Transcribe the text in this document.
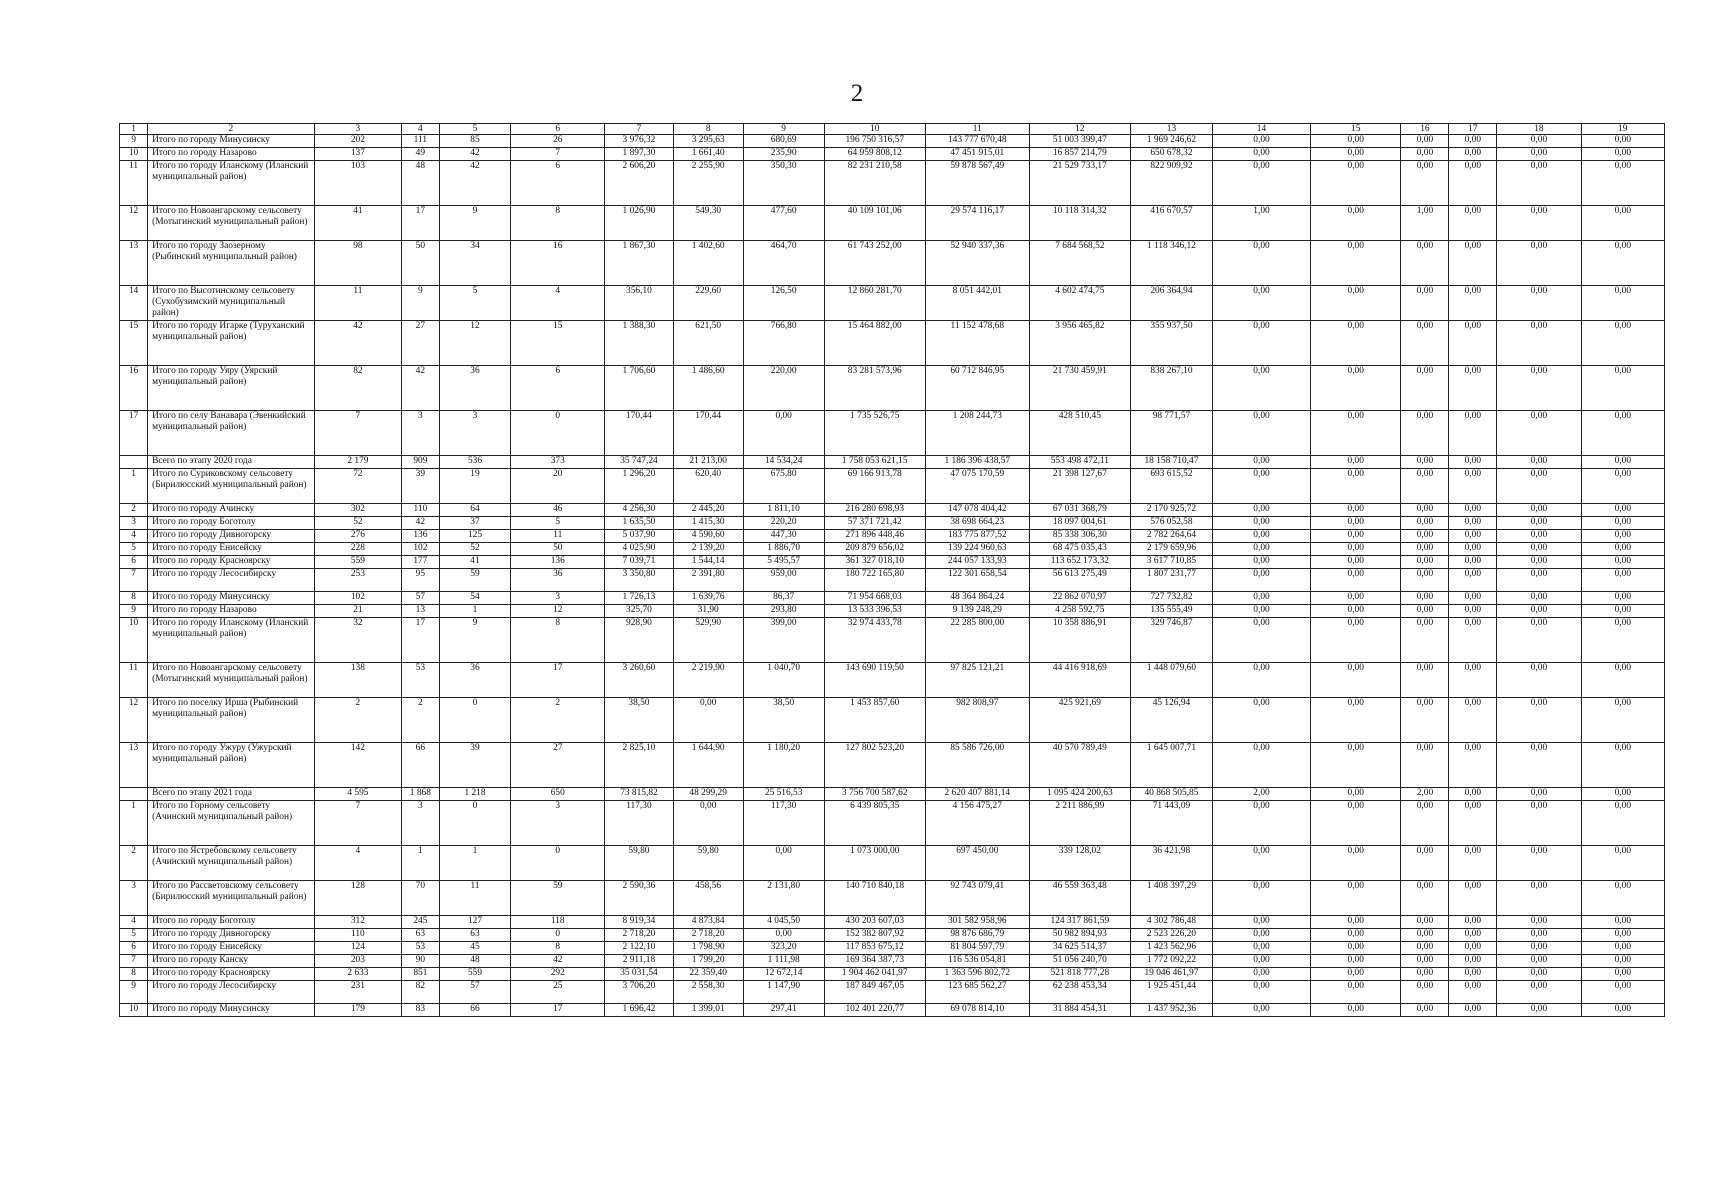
2
1	2	3	4	5	6	7	8	9	10	11	12	13	14	15	16	17	18	19
9	Итого по городу Минусинску	202	111	85	26	3 976,32	3 295,63	680,69	196 750 316,57	143 777 670,48	51 003 399,47	1 969 246,62	0,00	0,00	0,00	0,00	0,00	0,00
10	Итого по городу Назарово	137	49	42	7	1 897,30	1 661,40	235,90	64 959 808,12	47 451 915,01	16 857 214,79	650 678,32	0,00	0,00	0,00	0,00	0,00	0,00
11	Итого по городу Иланскому (Иланский муниципальный район)	103	48	42	6	2 606,20	2 255,90	350,30	82 231 210,58	59 878 567,49	21 529 733,17	822 909,92	0,00	0,00	0,00	0,00	0,00	0,00
12	Итого по Новоангарскому сельсовету (Мотыгинский муниципальный район)	41	17	9	8	1 026,90	549,30	477,60	40 109 101,06	29 574 116,17	10 118 314,32	416 670,57	1,00	0,00	1,00	0,00	0,00	0,00
13	Итого по городу Заозерному (Рыбинский муниципальный район)	98	50	34	16	1 867,30	1 402,60	464,70	61 743 252,00	52 940 337,36	7 684 568,52	1 118 346,12	0,00	0,00	0,00	0,00	0,00	0,00
14	Итого по Высотинскому сельсовету (Сухобузимский муниципальный район)	11	9	5	4	356,10	229,60	126,50	12 860 281,70	8 051 442,01	4 602 474,75	206 364,94	0,00	0,00	0,00	0,00	0,00	0,00
15	Итого по городу Игарке (Туруханский муниципальный район)	42	27	12	15	1 388,30	621,50	766,80	15 464 882,00	11 152 478,68	3 956 465,82	355 937,50	0,00	0,00	0,00	0,00	0,00	0,00
16	Итого по городу Уяру (Уярский муниципальный район)	82	42	36	6	1 706,60	1 486,60	220,00	83 281 573,96	60 712 846,95	21 730 459,91	838 267,10	0,00	0,00	0,00	0,00	0,00	0,00
17	Итого по селу Ванавара (Эвенкийский муниципальный район)	7	3	3	0	170,44	170,44	0,00	1 735 526,75	1 208 244,73	428 510,45	98 771,57	0,00	0,00	0,00	0,00	0,00	0,00
	Всего по этапу 2020 года	2 179	909	536	373	35 747,24	21 213,00	14 534,24	1 758 053 621,15	1 186 396 438,57	553 498 472,11	18 158 710,47	0,00	0,00	0,00	0,00	0,00	0,00
1	Итого по Суриковскому сельсовету (Бирилюсский муниципальный район)	72	39	19	20	1 296,20	620,40	675,80	69 166 913,78	47 075 170,59	21 398 127,67	693 615,52	0,00	0,00	0,00	0,00	0,00	0,00
2	Итого по городу Ачинску	302	110	64	46	4 256,30	2 445,20	1 811,10	216 280 698,93	147 078 404,42	67 031 368,79	2 170 925,72	0,00	0,00	0,00	0,00	0,00	0,00
3	Итого по городу Боготолу	52	42	37	5	1 635,50	1 415,30	220,20	57 371 721,42	38 698 664,23	18 097 004,61	576 052,58	0,00	0,00	0,00	0,00	0,00	0,00
4	Итого по городу Дивногорску	276	136	125	11	5 037,90	4 590,60	447,30	271 896 448,46	183 775 877,52	85 338 306,30	2 782 264,64	0,00	0,00	0,00	0,00	0,00	0,00
5	Итого по городу Енисейску	228	102	52	50	4 025,90	2 139,20	1 886,70	209 879 656,02	139 224 960,63	68 475 035,43	2 179 659,96	0,00	0,00	0,00	0,00	0,00	0,00
6	Итого по городу Красноярску	559	177	41	136	7 039,71	1 544,14	5 495,57	361 327 018,10	244 057 133,93	113 652 173,32	3 617 710,85	0,00	0,00	0,00	0,00	0,00	0,00
7	Итого по городу Лесосибирску	253	95	59	36	3 350,80	2 391,80	959,00	180 722 165,80	122 301 658,54	56 613 275,49	1 807 231,77	0,00	0,00	0,00	0,00	0,00	0,00
8	Итого по городу Минусинску	102	57	54	3	1 726,13	1 639,76	86,37	71 954 668,03	48 364 864,24	22 862 070,97	727 732,82	0,00	0,00	0,00	0,00	0,00	0,00
9	Итого по городу Назарово	21	13	1	12	325,70	31,90	293,80	13 533 396,53	9 139 248,29	4 258 592,75	135 555,49	0,00	0,00	0,00	0,00	0,00	0,00
10	Итого по городу Иланскому (Иланский муниципальный район)	32	17	9	8	928,90	529,90	399,00	32 974 433,78	22 285 800,00	10 358 886,91	329 746,87	0,00	0,00	0,00	0,00	0,00	0,00
11	Итого по Новоангарскому сельсовету (Мотыгинский муниципальный район)	138	53	36	17	3 260,60	2 219,90	1 040,70	143 690 119,50	97 825 121,21	44 416 918,69	1 448 079,60	0,00	0,00	0,00	0,00	0,00	0,00
12	Итого по поселку Ирша (Рыбинский муниципальный район)	2	2	0	2	38,50	0,00	38,50	1 453 857,60	982 808,97	425 921,69	45 126,94	0,00	0,00	0,00	0,00	0,00	0,00
13	Итого по городу Ужуру (Ужурский муниципальный район)	142	66	39	27	2 825,10	1 644,90	1 180,20	127 802 523,20	85 586 726,00	40 570 789,49	1 645 007,71	0,00	0,00	0,00	0,00	0,00	0,00
	Всего по этапу 2021 года	4 595	1 868	1 218	650	73 815,82	48 299,29	25 516,53	3 756 700 587,62	2 620 407 881,14	1 095 424 200,63	40 868 505,85	2,00	0,00	2,00	0,00	0,00	0,00
1	Итого по Горному сельсовету (Ачинский муниципальный район)	7	3	0	3	117,30	0,00	117,30	6 439 805,35	4 156 475,27	2 211 886,99	71 443,09	0,00	0,00	0,00	0,00	0,00	0,00
2	Итого по Ястребовскому сельсовету (Ачинский муниципальный район)	4	1	1	0	59,80	59,80	0,00	1 073 000,00	697 450,00	339 128,02	36 421,98	0,00	0,00	0,00	0,00	0,00	0,00
3	Итого по Рассветовскому сельсовету (Бирилюсский муниципальный район)	128	70	11	59	2 590,36	458,56	2 131,80	140 710 840,18	92 743 079,41	46 559 363,48	1 408 397,29	0,00	0,00	0,00	0,00	0,00	0,00
4	Итого по городу Боготолу	312	245	127	118	8 919,34	4 873,84	4 045,50	430 203 607,03	301 582 958,96	124 317 861,59	4 302 786,48	0,00	0,00	0,00	0,00	0,00	0,00
5	Итого по городу Дивногорску	110	63	63	0	2 718,20	2 718,20	0,00	152 382 807,92	98 876 686,79	50 982 894,93	2 523 226,20	0,00	0,00	0,00	0,00	0,00	0,00
6	Итого по городу Енисейску	124	53	45	8	2 122,10	1 798,90	323,20	117 853 675,12	81 804 597,79	34 625 514,37	1 423 562,96	0,00	0,00	0,00	0,00	0,00	0,00
7	Итого по городу Канску	203	90	48	42	2 911,18	1 799,20	1 111,98	169 364 387,73	116 536 054,81	51 056 240,70	1 772 092,22	0,00	0,00	0,00	0,00	0,00	0,00
8	Итого по городу Красноярску	2 633	851	559	292	35 031,54	22 359,40	12 672,14	1 904 462 041,97	1 363 596 802,72	521 818 777,28	19 046 461,97	0,00	0,00	0,00	0,00	0,00	0,00
9	Итого по городу Лесосибирску	231	82	57	25	3 706,20	2 558,30	1 147,90	187 849 467,05	123 685 562,27	62 238 453,34	1 925 451,44	0,00	0,00	0,00	0,00	0,00	0,00
10	Итого по городу Минусинску	179	83	66	17	1 696,42	1 399,01	297,41	102 401 220,77	69 078 814,10	31 884 454,31	1 437 952,36	0,00	0,00	0,00	0,00	0,00	0,00
